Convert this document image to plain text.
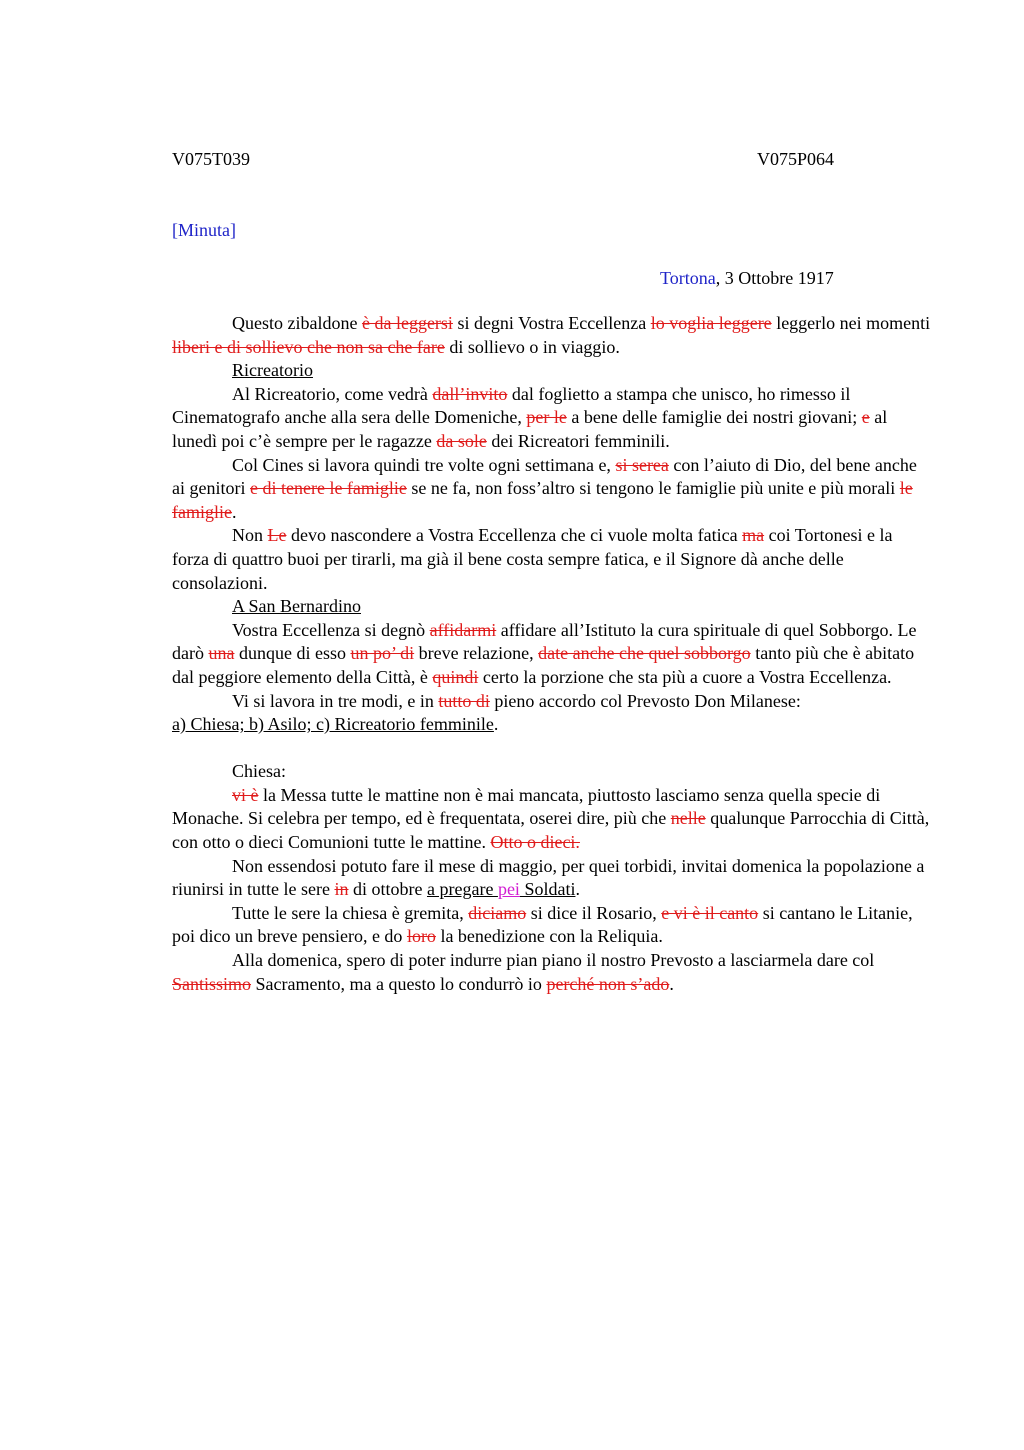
V075T039	V075P064
[Minuta]
Tortona, 3 Ottobre 1917

Questo zibaldone è da leggersi si degni Vostra Eccellenza lo voglia leggere leggerlo nei momenti liberi e di sollievo che non sa che fare di sollievo o in viaggio.

Ricreatorio

Al Ricreatorio, come vedrà dall’invito dal foglietto a stampa che unisco, ho rimesso il Cinematografo anche alla sera delle Domeniche, per le a bene delle famiglie dei nostri giovani; e al lunedì poi c’è sempre per le ragazze da sole dei Ricreatori femminili.

Col Cines si lavora quindi tre volte ogni settimana e, si serea con l’aiuto di Dio, del bene anche ai genitori e di tenere le famiglie se ne fa, non foss’altro si tengono le famiglie più unite e più morali le famiglie.

Non Le devo nascondere a Vostra Eccellenza che ci vuole molta fatica ma coi Tortonesi e la forza di quattro buoi per tirarli, ma già il bene costa sempre fatica, e il Signore dà anche delle consolazioni.

A San Bernardino

Vostra Eccellenza si degnò affidarmi affidare all’Istituto la cura spirituale di quel Sobborgo. Le darò una dunque di esso un po’ di breve relazione, date anche che quel sobborgo tanto più che è abitato dal peggiore elemento della Città, è quindi certo la porzione che sta più a cuore a Vostra Eccellenza.

Vi si lavora in tre modi, e in tutto di pieno accordo col Prevosto Don Milanese:

a) Chiesa; b) Asilo; c) Ricreatorio femminile.

Chiesa:

vi è la Messa tutte le mattine non è mai mancata, piuttosto lasciamo senza quella specie di Monache. Si celebra per tempo, ed è frequentata, oserei dire, più che nelle qualunque Parrocchia di Città, con otto o dieci Comunioni tutte le mattine. Otto o dieci.

Non essendosi potuto fare il mese di maggio, per quei torbidi, invitai domenica la popolazione a riunirsi in tutte le sere in di ottobre a pregare pei Soldati.

Tutte le sere la chiesa è gremita, diciamo si dice il Rosario, e vi è il canto si cantano le Litanie, poi dico un breve pensiero, e do loro la benedizione con la Reliquia.

Alla domenica, spero di poter indurre pian piano il nostro Prevosto a lasciarmela dare col Santissimo Sacramento, ma a questo lo condurrò io perché non s’ado.
